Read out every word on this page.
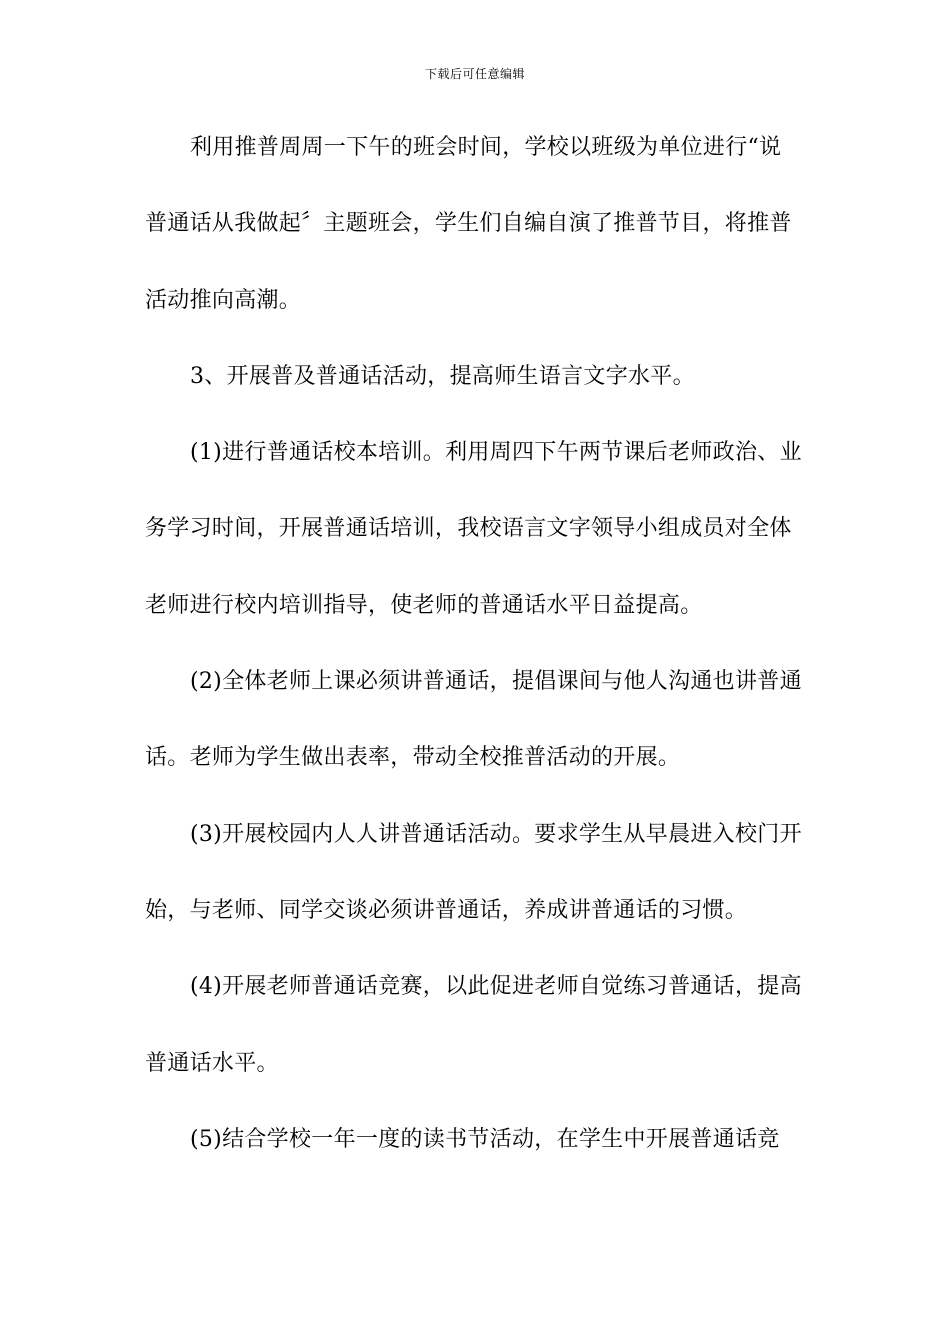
下载后可任意编辑
利用推普周周一下午的班会时间，学校以班级为单位进行“说
普通话从我做起〞主题班会，学生们自编自演了推普节目，将推普
活动推向高潮。
3、开展普及普通话活动，提高师生语言文字水平。
(1)进行普通话校本培训。利用周四下午两节课后老师政治、业
务学习时间，开展普通话培训，我校语言文字领导小组成员对全体
老师进行校内培训指导，使老师的普通话水平日益提高。
(2)全体老师上课必须讲普通话，提倡课间与他人沟通也讲普通
话。老师为学生做出表率，带动全校推普活动的开展。
(3)开展校园内人人讲普通话活动。要求学生从早晨进入校门开
始，与老师、同学交谈必须讲普通话，养成讲普通话的习惯。
(4)开展老师普通话竞赛，以此促进老师自觉练习普通话，提高
普通话水平。
(5)结合学校一年一度的读书节活动，在学生中开展普通话竞
